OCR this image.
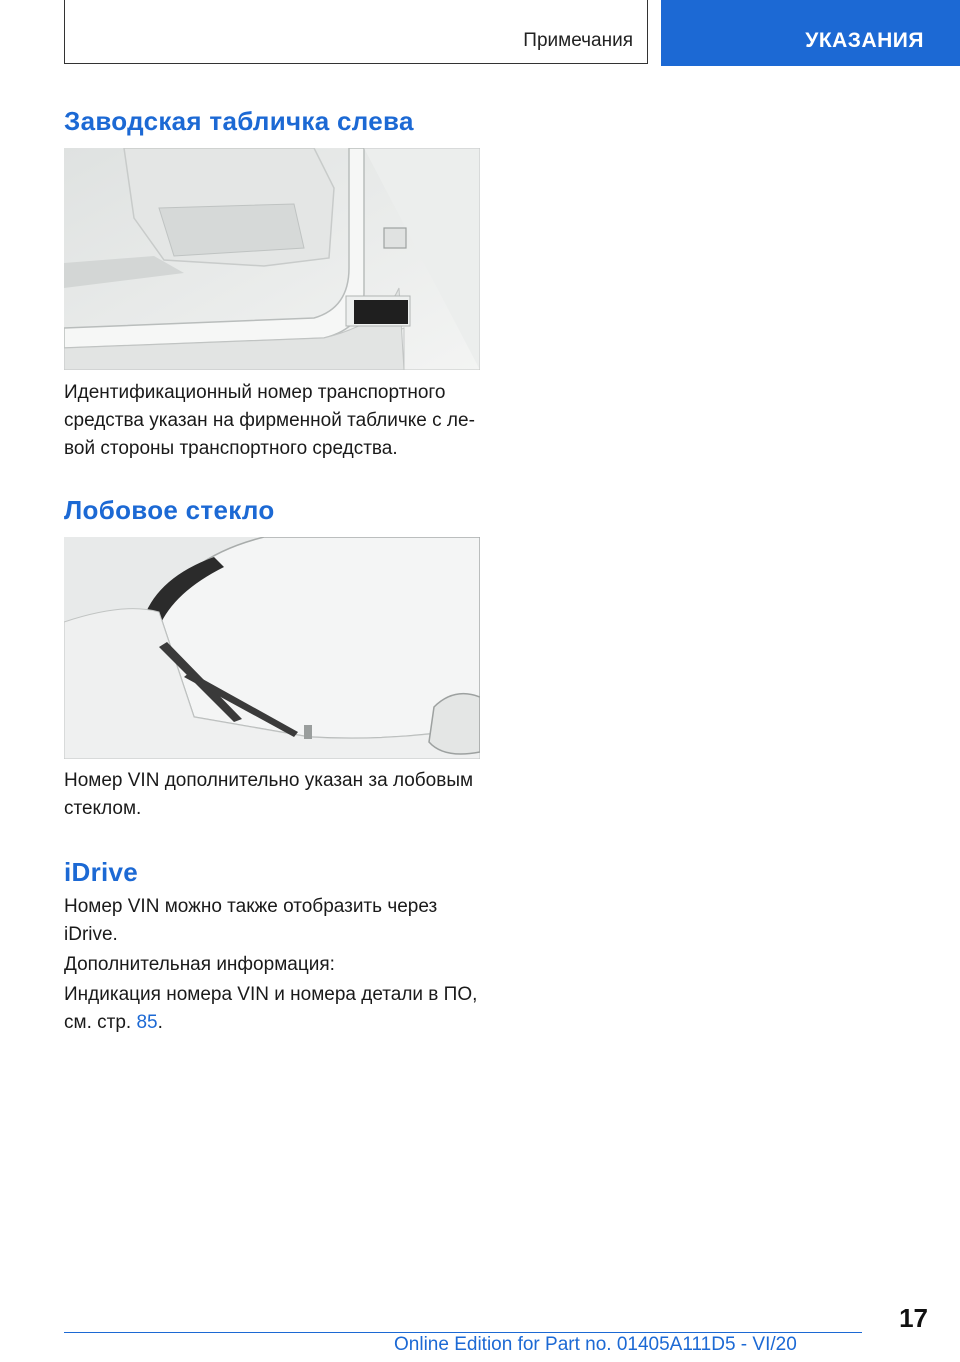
Примечания	УКАЗАНИЯ
Заводская табличка слева

Идентификационный номер транспортного средства указан на фирменной табличке с ле-вой стороны транспортного средства.

Лобовое стекло

Номер VIN дополнительно указан за лобовым стеклом.

iDrive

Номер VIN можно также отобразить через iDrive.

Дополнительная информация:

Индикация номера VIN и номера детали в ПО, см. стр. 85.

17
Online Edition for Part no. 01405A111D5 - VI/20
